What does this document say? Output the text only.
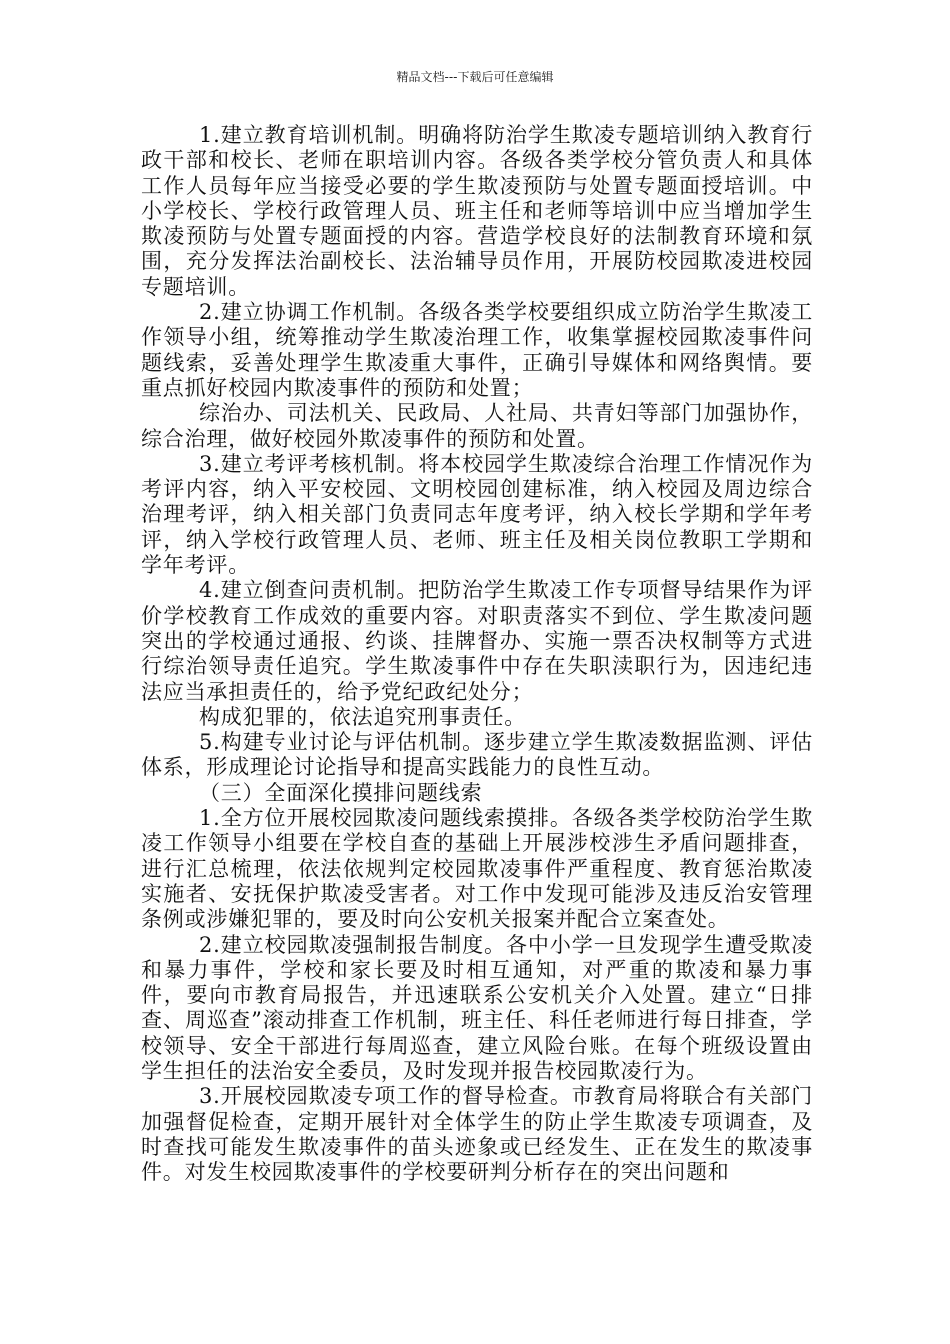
精品文档---下载后可任意编辑

1.建立教育培训机制。明确将防治学生欺凌专题培训纳入教育行政干部和校长、老师在职培训内容。各级各类学校分管负责人和具体工作人员每年应当接受必要的学生欺凌预防与处置专题面授培训。中小学校长、学校行政管理人员、班主任和老师等培训中应当增加学生欺凌预防与处置专题面授的内容。营造学校良好的法制教育环境和氛围，充分发挥法治副校长、法治辅导员作用，开展防校园欺凌进校园专题培训。

2.建立协调工作机制。各级各类学校要组织成立防治学生欺凌工作领导小组，统筹推动学生欺凌治理工作，收集掌握校园欺凌事件问题线索，妥善处理学生欺凌重大事件，正确引导媒体和网络舆情。要重点抓好校园内欺凌事件的预防和处置；

综治办、司法机关、民政局、人社局、共青妇等部门加强协作，综合治理，做好校园外欺凌事件的预防和处置。

3.建立考评考核机制。将本校园学生欺凌综合治理工作情况作为考评内容，纳入平安校园、文明校园创建标准，纳入校园及周边综合治理考评，纳入相关部门负责同志年度考评，纳入校长学期和学年考评，纳入学校行政管理人员、老师、班主任及相关岗位教职工学期和学年考评。

4.建立倒查问责机制。把防治学生欺凌工作专项督导结果作为评价学校教育工作成效的重要内容。对职责落实不到位、学生欺凌问题突出的学校通过通报、约谈、挂牌督办、实施一票否决权制等方式进行综治领导责任追究。学生欺凌事件中存在失职渎职行为，因违纪违法应当承担责任的，给予党纪政纪处分；

构成犯罪的，依法追究刑事责任。

5.构建专业讨论与评估机制。逐步建立学生欺凌数据监测、评估体系，形成理论讨论指导和提高实践能力的良性互动。

（三）全面深化摸排问题线索

1.全方位开展校园欺凌问题线索摸排。各级各类学校防治学生欺凌工作领导小组要在学校自查的基础上开展涉校涉生矛盾问题排查，进行汇总梳理，依法依规判定校园欺凌事件严重程度、教育惩治欺凌实施者、安抚保护欺凌受害者。对工作中发现可能涉及违反治安管理条例或涉嫌犯罪的，要及时向公安机关报案并配合立案查处。

2.建立校园欺凌强制报告制度。各中小学一旦发现学生遭受欺凌和暴力事件，学校和家长要及时相互通知，对严重的欺凌和暴力事件，要向市教育局报告，并迅速联系公安机关介入处置。建立“日排查、周巡查”滚动排查工作机制，班主任、科任老师进行每日排查，学校领导、安全干部进行每周巡查，建立风险台账。在每个班级设置由学生担任的法治安全委员，及时发现并报告校园欺凌行为。

3.开展校园欺凌专项工作的督导检查。市教育局将联合有关部门加强督促检查，定期开展针对全体学生的防止学生欺凌专项调查，及时查找可能发生欺凌事件的苗头迹象或已经发生、正在发生的欺凌事件。对发生校园欺凌事件的学校要研判分析存在的突出问题和
